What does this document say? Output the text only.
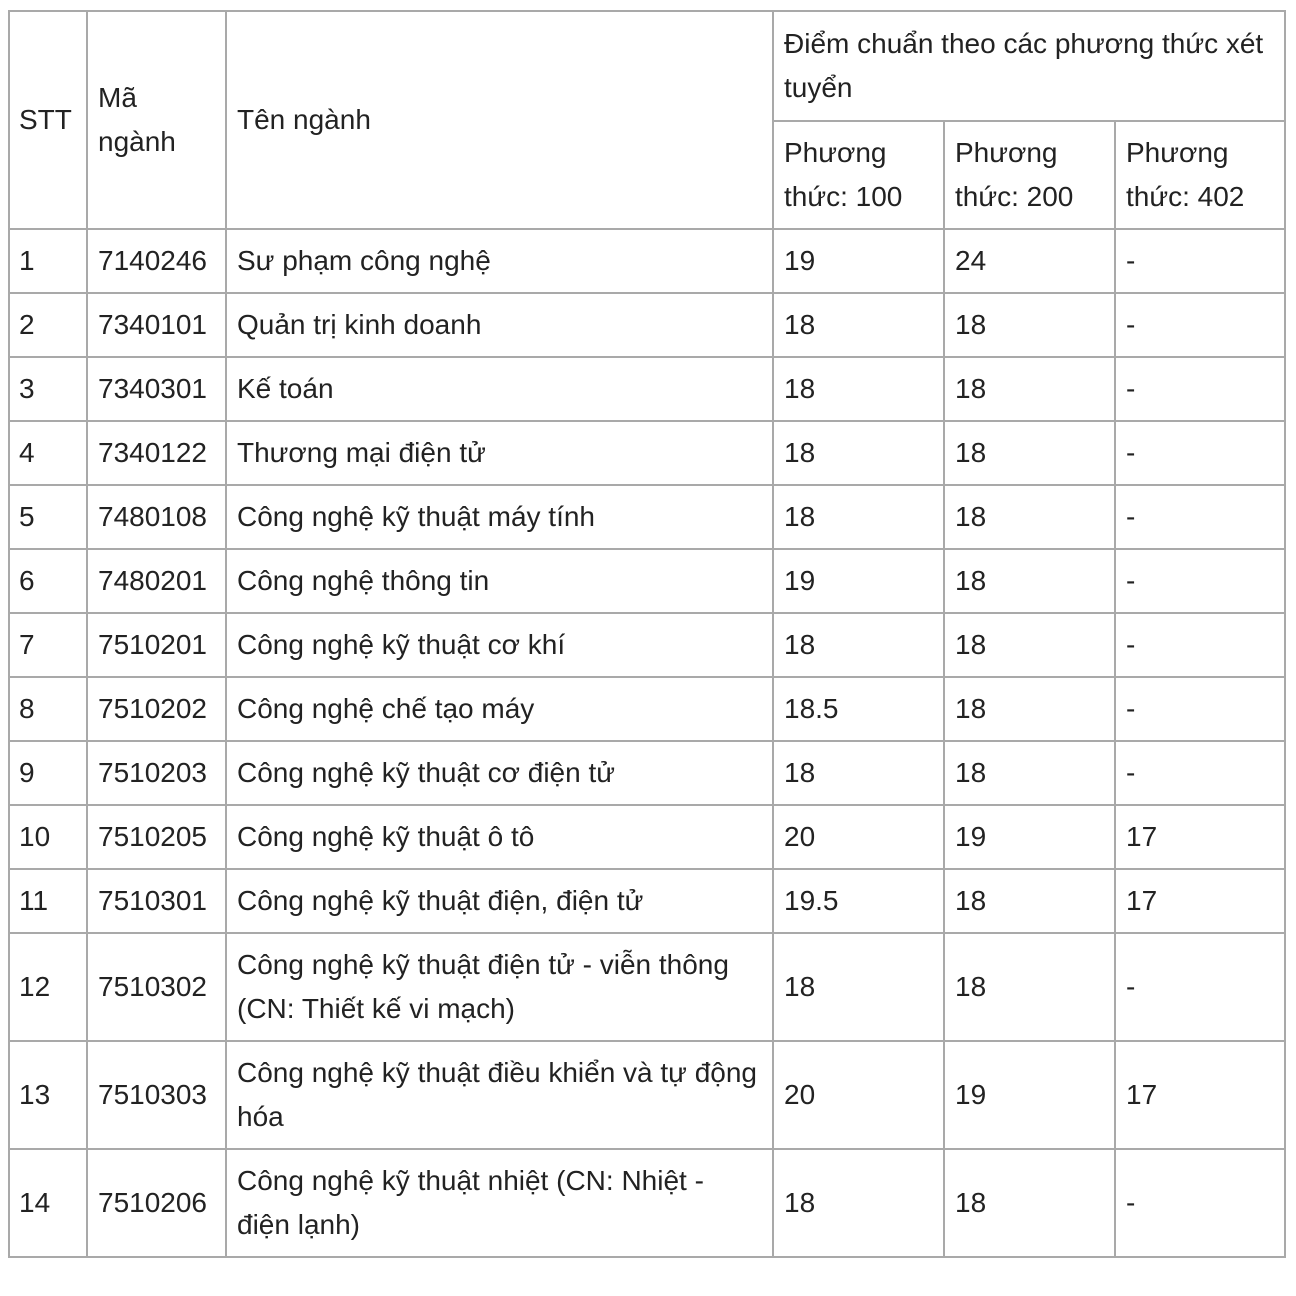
STT	Mã ngành	Tên ngành	Điểm chuẩn theo các phương thức xét tuyển		
			Phương thức: 100	Phương thức: 200	Phương thức: 402
1	7140246	Sư phạm công nghệ	19	24	-
2	7340101	Quản trị kinh doanh	18	18	-
3	7340301	Kế toán	18	18	-
4	7340122	Thương mại điện tử	18	18	-
5	7480108	Công nghệ kỹ thuật máy tính	18	18	-
6	7480201	Công nghệ thông tin	19	18	-
7	7510201	Công nghệ kỹ thuật cơ khí	18	18	-
8	7510202	Công nghệ chế tạo máy	18.5	18	-
9	7510203	Công nghệ kỹ thuật cơ điện tử	18	18	-
10	7510205	Công nghệ kỹ thuật ô tô	20	19	17
11	7510301	Công nghệ kỹ thuật điện, điện tử	19.5	18	17
12	7510302	Công nghệ kỹ thuật điện tử - viễn thông (CN: Thiết kế vi mạch)	18	18	-
13	7510303	Công nghệ kỹ thuật điều khiển và tự động hóa	20	19	17
14	7510206	Công nghệ kỹ thuật nhiệt (CN: Nhiệt - điện lạnh)	18	18	-
